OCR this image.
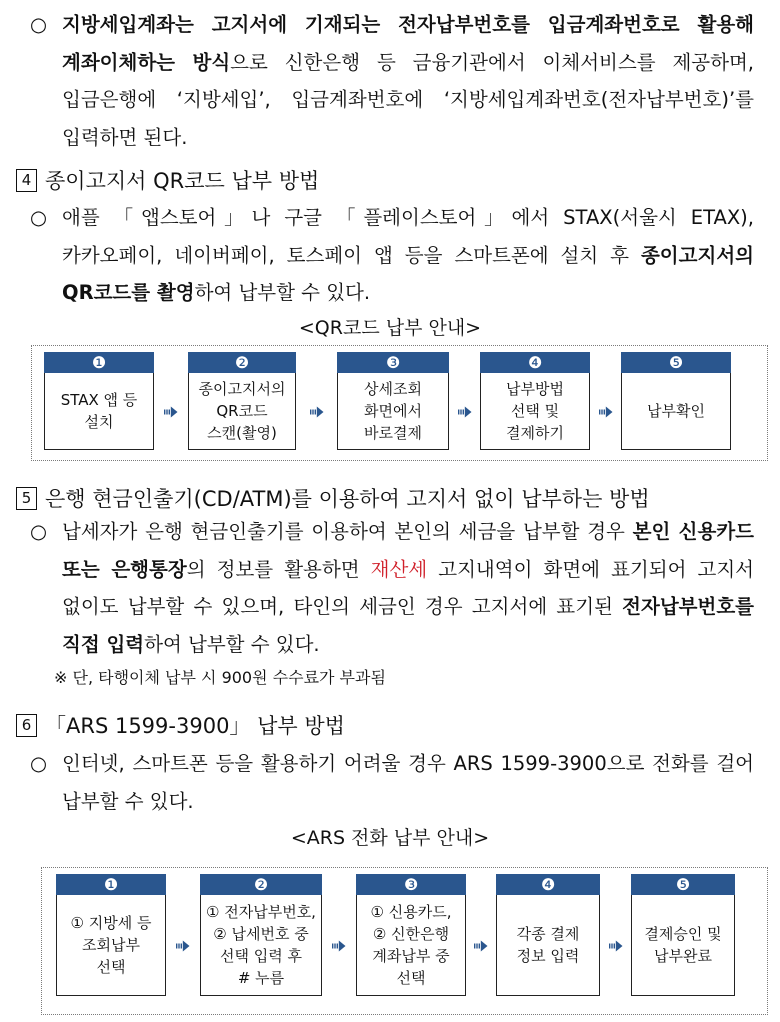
○ 지방세입계좌는 고지서에 기재되는 전자납부번호를 입금계좌번호로 활용해 계좌이체하는 방식으로 신한은행 등 금융기관에서 이체서비스를 제공하며, 입금은행에 ‘지방세입’, 입금계좌번호에 ‘지방세입계좌번호(전자납부번호)’를 입력하면 된다.
4 종이고지서 QR코드 납부 방법
○ 애플 「앱스토어」나 구글 「플레이스토어」에서 STAX(서울시 ETAX), 카카오페이, 네이버페이, 토스페이 앱 등을 스마트폰에 설치 후 종이고지서의 QR코드를 촬영하여 납부할 수 있다.
<QR코드 납부 안내>
5 은행 현금인출기(CD/ATM)를 이용하여 고지서 없이 납부하는 방법
○ 납세자가 은행 현금인출기를 이용하여 본인의 세금을 납부할 경우 본인 신용카드 또는 은행통장의 정보를 활용하면 재산세 고지내역이 화면에 표기되어 고지서 없이도 납부할 수 있으며, 타인의 세금인 경우 고지서에 표기된 전자납부번호를 직접 입력하여 납부할 수 있다.
※ 단, 타행이체 납부 시 900원 수수료가 부과됨
6 「ARS 1599-3900」 납부 방법
○ 인터넷, 스마트폰 등을 활용하기 어려울 경우 ARS 1599-3900으로 전화를 걸어 납부할 수 있다.
<ARS 전화 납부 안내>
❶
STAX 앱 등
설치
❷
종이고지서의
QR코드
스캔(촬영)
❸
상세조회
화면에서
바로결제
❹
납부방법
선택 및
결제하기
❺
납부확인
❶
① 지방세 등
조회납부
선택
❷
① 전자납부번호,
② 납세번호 중
선택 입력 후
# 누름
❸
① 신용카드,
② 신한은행
계좌납부 중
선택
❹
각종 결제
정보 입력
❺
결제승인 및
납부완료
